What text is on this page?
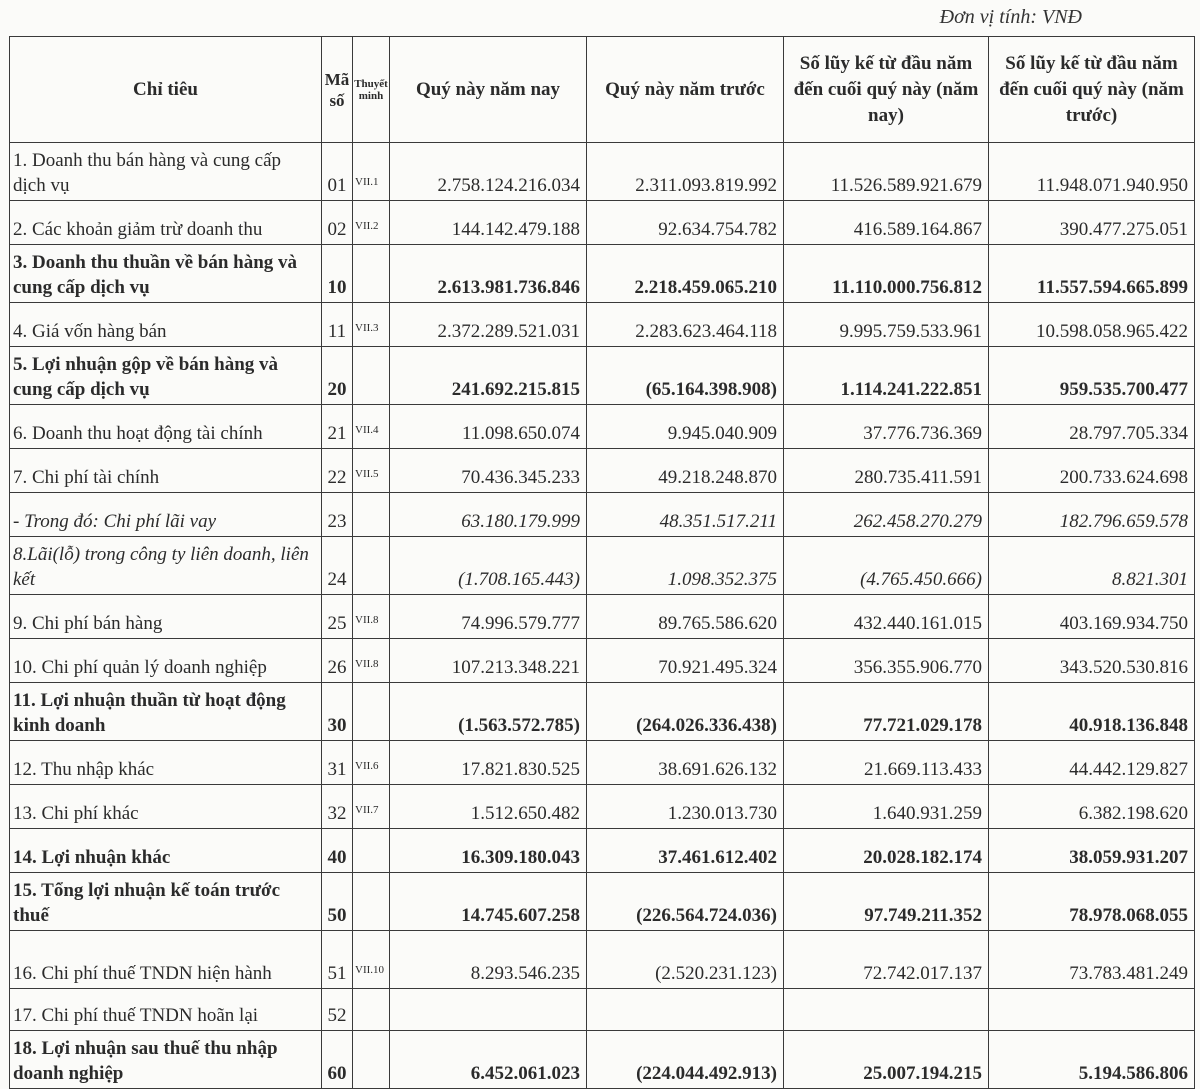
Đơn vị tính: VNĐ
Chỉ tiêu	Mã số	Thuyết minh	Quý này năm nay	Quý này năm trước	Số lũy kế từ đầu năm đến cuối quý này (năm nay)	Số lũy kế từ đầu năm đến cuối quý này (năm trước)
1. Doanh thu bán hàng và cung cấp dịch vụ	01	VII.1	2.758.124.216.034	2.311.093.819.992	11.526.589.921.679	11.948.071.940.950
2. Các khoản giảm trừ doanh thu	02	VII.2	144.142.479.188	92.634.754.782	416.589.164.867	390.477.275.051
3. Doanh thu thuần về bán hàng và cung cấp dịch vụ	10		2.613.981.736.846	2.218.459.065.210	11.110.000.756.812	11.557.594.665.899
4. Giá vốn hàng bán	11	VII.3	2.372.289.521.031	2.283.623.464.118	9.995.759.533.961	10.598.058.965.422
5. Lợi nhuận gộp về bán hàng và cung cấp dịch vụ	20		241.692.215.815	(65.164.398.908)	1.114.241.222.851	959.535.700.477
6. Doanh thu hoạt động tài chính	21	VII.4	11.098.650.074	9.945.040.909	37.776.736.369	28.797.705.334
7. Chi phí tài chính	22	VII.5	70.436.345.233	49.218.248.870	280.735.411.591	200.733.624.698
- Trong đó: Chi phí lãi vay	23		63.180.179.999	48.351.517.211	262.458.270.279	182.796.659.578
8.Lãi(lỗ) trong công ty liên doanh, liên kết	24		(1.708.165.443)	1.098.352.375	(4.765.450.666)	8.821.301
9. Chi phí bán hàng	25	VII.8	74.996.579.777	89.765.586.620	432.440.161.015	403.169.934.750
10. Chi phí quản lý doanh nghiệp	26	VII.8	107.213.348.221	70.921.495.324	356.355.906.770	343.520.530.816
11. Lợi nhuận thuần từ hoạt động kinh doanh	30		(1.563.572.785)	(264.026.336.438)	77.721.029.178	40.918.136.848
12. Thu nhập khác	31	VII.6	17.821.830.525	38.691.626.132	21.669.113.433	44.442.129.827
13. Chi phí khác	32	VII.7	1.512.650.482	1.230.013.730	1.640.931.259	6.382.198.620
14. Lợi nhuận khác	40		16.309.180.043	37.461.612.402	20.028.182.174	38.059.931.207
15. Tổng lợi nhuận kế toán trước thuế	50		14.745.607.258	(226.564.724.036)	97.749.211.352	78.978.068.055
16. Chi phí thuế TNDN hiện hành	51	VII.10	8.293.546.235	(2.520.231.123)	72.742.017.137	73.783.481.249
17. Chi phí thuế TNDN hoãn lại	52					
18. Lợi nhuận sau thuế thu nhập doanh nghiệp	60		6.452.061.023	(224.044.492.913)	25.007.194.215	5.194.586.806
